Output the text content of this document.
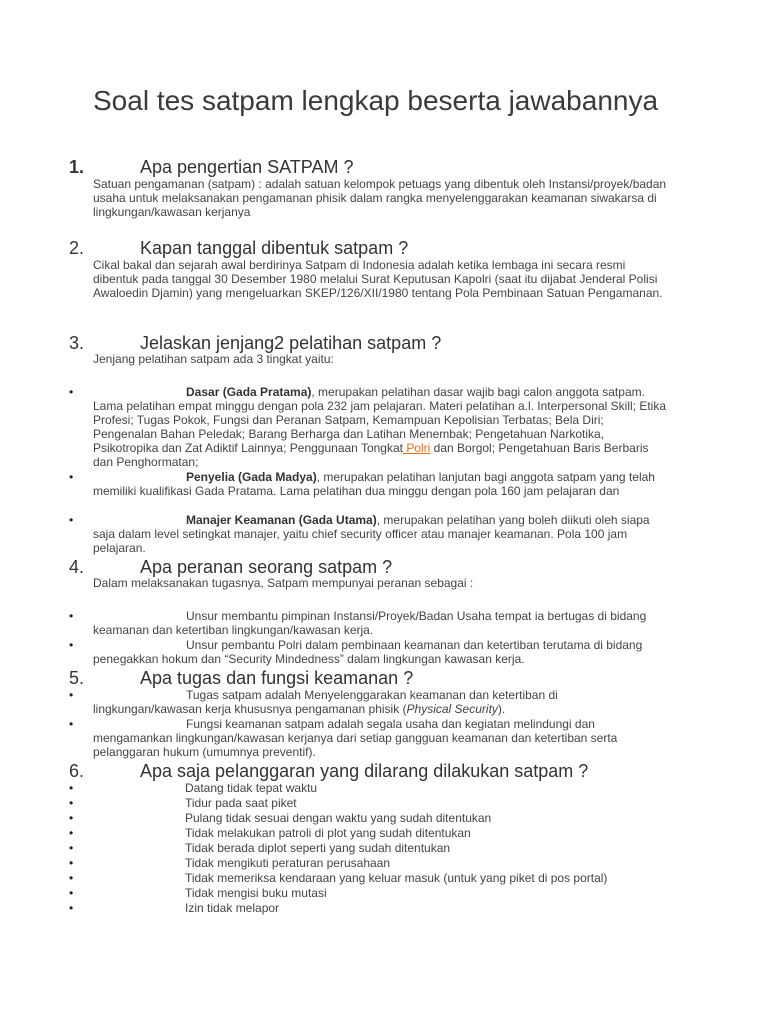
Soal tes satpam lengkap beserta jawabannya
1.	Apa pengertian SATPAM ?

Satuan pengamanan (satpam) : adalah satuan kelompok petuags yang dibentuk oleh Instansi/proyek/badan usaha untuk melaksanakan pengamanan phisik dalam rangka menyelenggarakan keamanan siwakarsa di lingkungan/kawasan kerjanya

2.	Kapan tanggal dibentuk satpam ?

Cikal bakal dan sejarah awal berdirinya Satpam di Indonesia adalah ketika lembaga ini secara resmi dibentuk pada tanggal 30 Desember 1980 melalui Surat Keputusan Kapolri (saat itu dijabat Jenderal Polisi Awaloedin Djamin) yang mengeluarkan SKEP/126/XII/1980 tentang Pola Pembinaan Satuan Pengamanan.

3.	Jelaskan jenjang2 pelatihan satpam ?

Jenjang pelatihan satpam ada 3 tingkat yaitu:

•	Dasar (Gada Pratama), merupakan pelatihan dasar wajib bagi calon anggota satpam. Lama pelatihan empat minggu dengan pola 232 jam pelajaran. Materi pelatihan a.l. Interpersonal Skill; Etika Profesi; Tugas Pokok, Fungsi dan Peranan Satpam, Kemampuan Kepolisian Terbatas; Bela Diri; Pengenalan Bahan Peledak; Barang Berharga dan Latihan Menembak; Pengetahuan Narkotika, Psikotropika dan Zat Adiktif Lainnya; Penggunaan Tongkat Polri dan Borgol; Pengetahuan Baris Berbaris dan Penghormatan;
•	Penyelia (Gada Madya), merupakan pelatihan lanjutan bagi anggota satpam yang telah memiliki kualifikasi Gada Pratama. Lama pelatihan dua minggu dengan pola 160 jam pelajaran dan
•	Manajer Keamanan (Gada Utama), merupakan pelatihan yang boleh diikuti oleh siapa saja dalam level setingkat manajer, yaitu chief security officer atau manajer keamanan. Pola 100 jam pelajaran.
4.	Apa peranan seorang satpam ?

Dalam melaksanakan tugasnya, Satpam mempunyai peranan sebagai :

•	Unsur membantu pimpinan Instansi/Proyek/Badan Usaha tempat ia bertugas di bidang keamanan dan ketertiban lingkungan/kawasan kerja.
•	Unsur pembantu Polri dalam pembinaan keamanan dan ketertiban terutama di bidang penegakkan hokum dan “Security Mindedness” dalam lingkungan kawasan kerja.
5.	Apa tugas dan fungsi keamanan ?
•	Tugas satpam adalah Menyelenggarakan keamanan dan ketertiban di lingkungan/kawasan kerja khususnya pengamanan phisik (Physical Security).
•	Fungsi keamanan satpam adalah segala usaha dan kegiatan melindungi dan mengamankan lingkungan/kawasan kerjanya dari setiap gangguan keamanan dan ketertiban serta pelanggaran hukum (umumnya preventif).
6.	Apa saja pelanggaran yang dilarang dilakukan satpam ?
•	Datang tidak tepat waktu
•	Tidur pada saat piket
•	Pulang tidak sesuai dengan waktu yang sudah ditentukan
•	Tidak melakukan patroli di plot yang sudah ditentukan
•	Tidak berada diplot seperti yang sudah ditentukan
•	Tidak mengikuti peraturan perusahaan
•	Tidak memeriksa kendaraan yang keluar masuk (untuk yang piket di pos portal)
•	Tidak mengisi buku mutasi
•	Izin tidak melapor
